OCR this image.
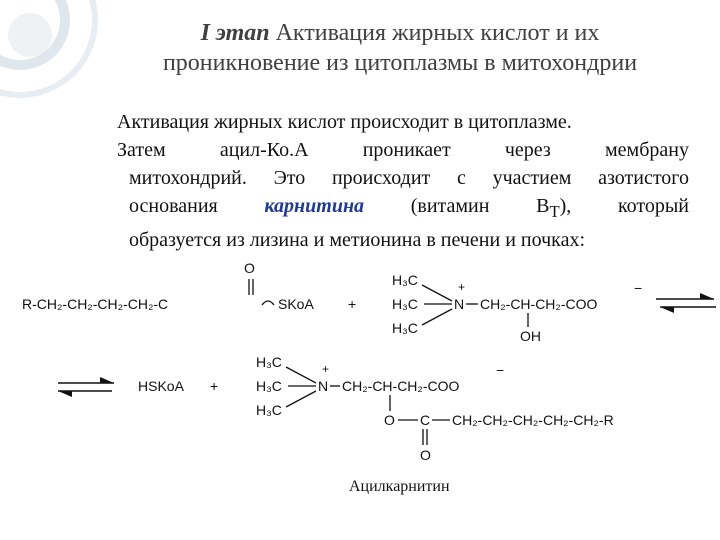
I этап Активация жирных кислот и их
проникновение из цитоплазмы в митохондрии
Активация жирных кислот происходит в цитоплазме.
Затем	ацил-Ко.А	проникает	через	мембрану
митохондрий. Это происходит с участием азотистого
основания карнитина (витамин $В_Т$), который
образуется из лизина и метионина в печени и почках:
R-CH₂-CH₂-CH₂-CH₂-C
O
SKoA +
H₃C
H₃C
H₃C
N
+
CH₂-CH-CH₂-COO
−
OH
HSKoA +
H₃C
H₃C
H₃C
N
+
CH₂-CH-CH₂-COO
−
O C CH₂-CH₂-CH₂-CH₂-CH₂-R
O
Ацилкарнитин
